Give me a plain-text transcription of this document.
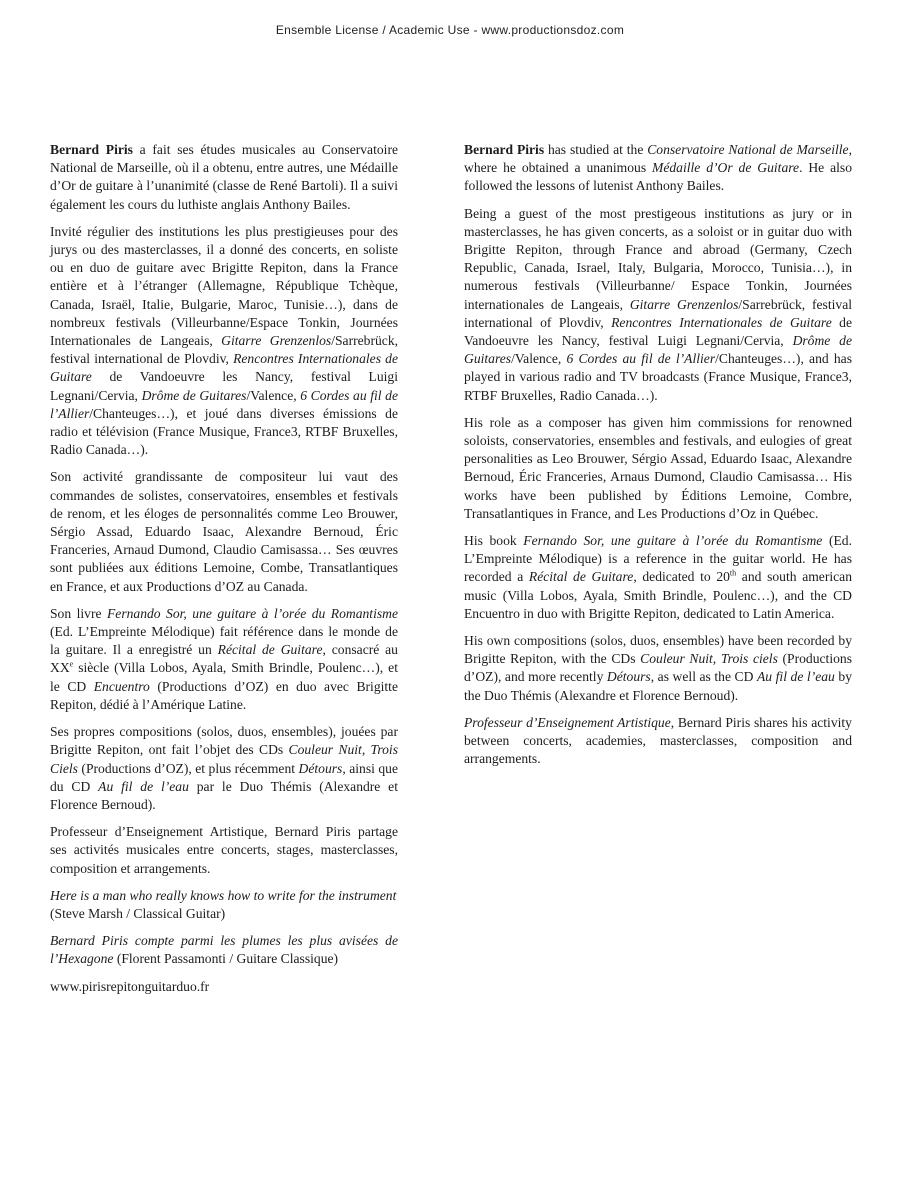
Ensemble License / Academic Use - www.productionsdoz.com

Bernard Piris a fait ses études musicales au Conservatoire National de Marseille, où il a obtenu, entre autres, une Médaille d’Or de guitare à l’unanimité (classe de René Bartoli). Il a suivi également les cours du luthiste anglais Anthony Bailes.

Invité régulier des institutions les plus prestigieuses pour des jurys ou des masterclasses, il a donné des concerts, en soliste ou en duo de guitare avec Brigitte Repiton, dans la France entière et à l’étranger (Allemagne, République Tchèque, Canada, Israël, Italie, Bulgarie, Maroc, Tunisie…), dans de nombreux festivals (Villeurbanne/Espace Tonkin, Journées Internationales de Langeais, Gitarre Grenzenlos/Sarrebrück, festival international de Plovdiv, Rencontres Internationales de Guitare de Vandoeuvre les Nancy, festival Luigi Legnani/Cervia, Drôme de Guitares/Valence, 6 Cordes au fil de l’Allier/Chanteuges…), et joué dans diverses émissions de radio et télévision (France Musique, France3, RTBF Bruxelles, Radio Canada…).

Son activité grandissante de compositeur lui vaut des commandes de solistes, conservatoires, ensembles et festivals de renom, et les éloges de personnalités comme Leo Brouwer, Sérgio Assad, Eduardo Isaac, Alexandre Bernoud, Éric Franceries, Arnaud Dumond, Claudio Camisassa… Ses œuvres sont publiées aux éditions Lemoine, Combe, Transatlantiques en France, et aux Productions d’OZ au Canada.

Son livre Fernando Sor, une guitare à l’orée du Romantisme (Ed. L’Empreinte Mélodique) fait référence dans le monde de la guitare. Il a enregistré un Récital de Guitare, consacré au XXe siècle (Villa Lobos, Ayala, Smith Brindle, Poulenc…), et le CD Encuentro (Productions d’OZ) en duo avec Brigitte Repiton, dédié à l’Amérique Latine.

Ses propres compositions (solos, duos, ensembles), jouées par Brigitte Repiton, ont fait l’objet des CDs Couleur Nuit, Trois Ciels (Productions d’OZ), et plus récemment Détours, ainsi que du CD Au fil de l’eau par le Duo Thémis (Alexandre et Florence Bernoud).

Professeur d’Enseignement Artistique, Bernard Piris partage ses activités musicales entre concerts, stages, masterclasses, composition et arrangements.

Here is a man who really knows how to write for the instrument (Steve Marsh / Classical Guitar)

Bernard Piris compte parmi les plumes les plus avisées de l’Hexagone (Florent Passamonti / Guitare Classique)

www.pirisrepitonguitarduo.fr

Bernard Piris has studied at the Conservatoire National de Marseille, where he obtained a unanimous Médaille d’Or de Guitare. He also followed the lessons of lutenist Anthony Bailes.

Being a guest of the most prestigeous institutions as jury or in masterclasses, he has given concerts, as a soloist or in guitar duo with Brigitte Repiton, through France and abroad (Germany, Czech Republic, Canada, Israel, Italy, Bulgaria, Morocco, Tunisia…), in numerous festivals (Villeurbanne/ Espace Tonkin, Journées internationales de Langeais, Gitarre Grenzenlos/Sarrebrück, festival international of Plovdiv, Rencontres Internationales de Guitare de Vandoeuvre les Nancy, festival Luigi Legnani/Cervia, Drôme de Guitares/Valence, 6 Cordes au fil de l’Allier/Chanteuges…), and has played in various radio and TV broadcasts (France Musique, France3, RTBF Bruxelles, Radio Canada…).

His role as a composer has given him commissions for renowned soloists, conservatories, ensembles and festivals, and eulogies of great personalities as Leo Brouwer, Sérgio Assad, Eduardo Isaac, Alexandre Bernoud, Éric Franceries, Arnaus Dumond, Claudio Camisassa… His works have been published by Éditions Lemoine, Combre, Transatlantiques in France, and Les Productions d’Oz in Québec.

His book Fernando Sor, une guitare à l’orée du Romantisme (Ed. L’Empreinte Mélodique) is a reference in the guitar world. He has recorded a Récital de Guitare, dedicated to 20th and south american music (Villa Lobos, Ayala, Smith Brindle, Poulenc…), and the CD Encuentro in duo with Brigitte Repiton, dedicated to Latin America.

His own compositions (solos, duos, ensembles) have been recorded by Brigitte Repiton, with the CDs Couleur Nuit, Trois ciels (Productions d’OZ), and more recently Détours, as well as the CD Au fil de l’eau by the Duo Thémis (Alexandre et Florence Bernoud).

Professeur d’Enseignement Artistique, Bernard Piris shares his activity between concerts, academies, masterclasses, composition and arrangements.
